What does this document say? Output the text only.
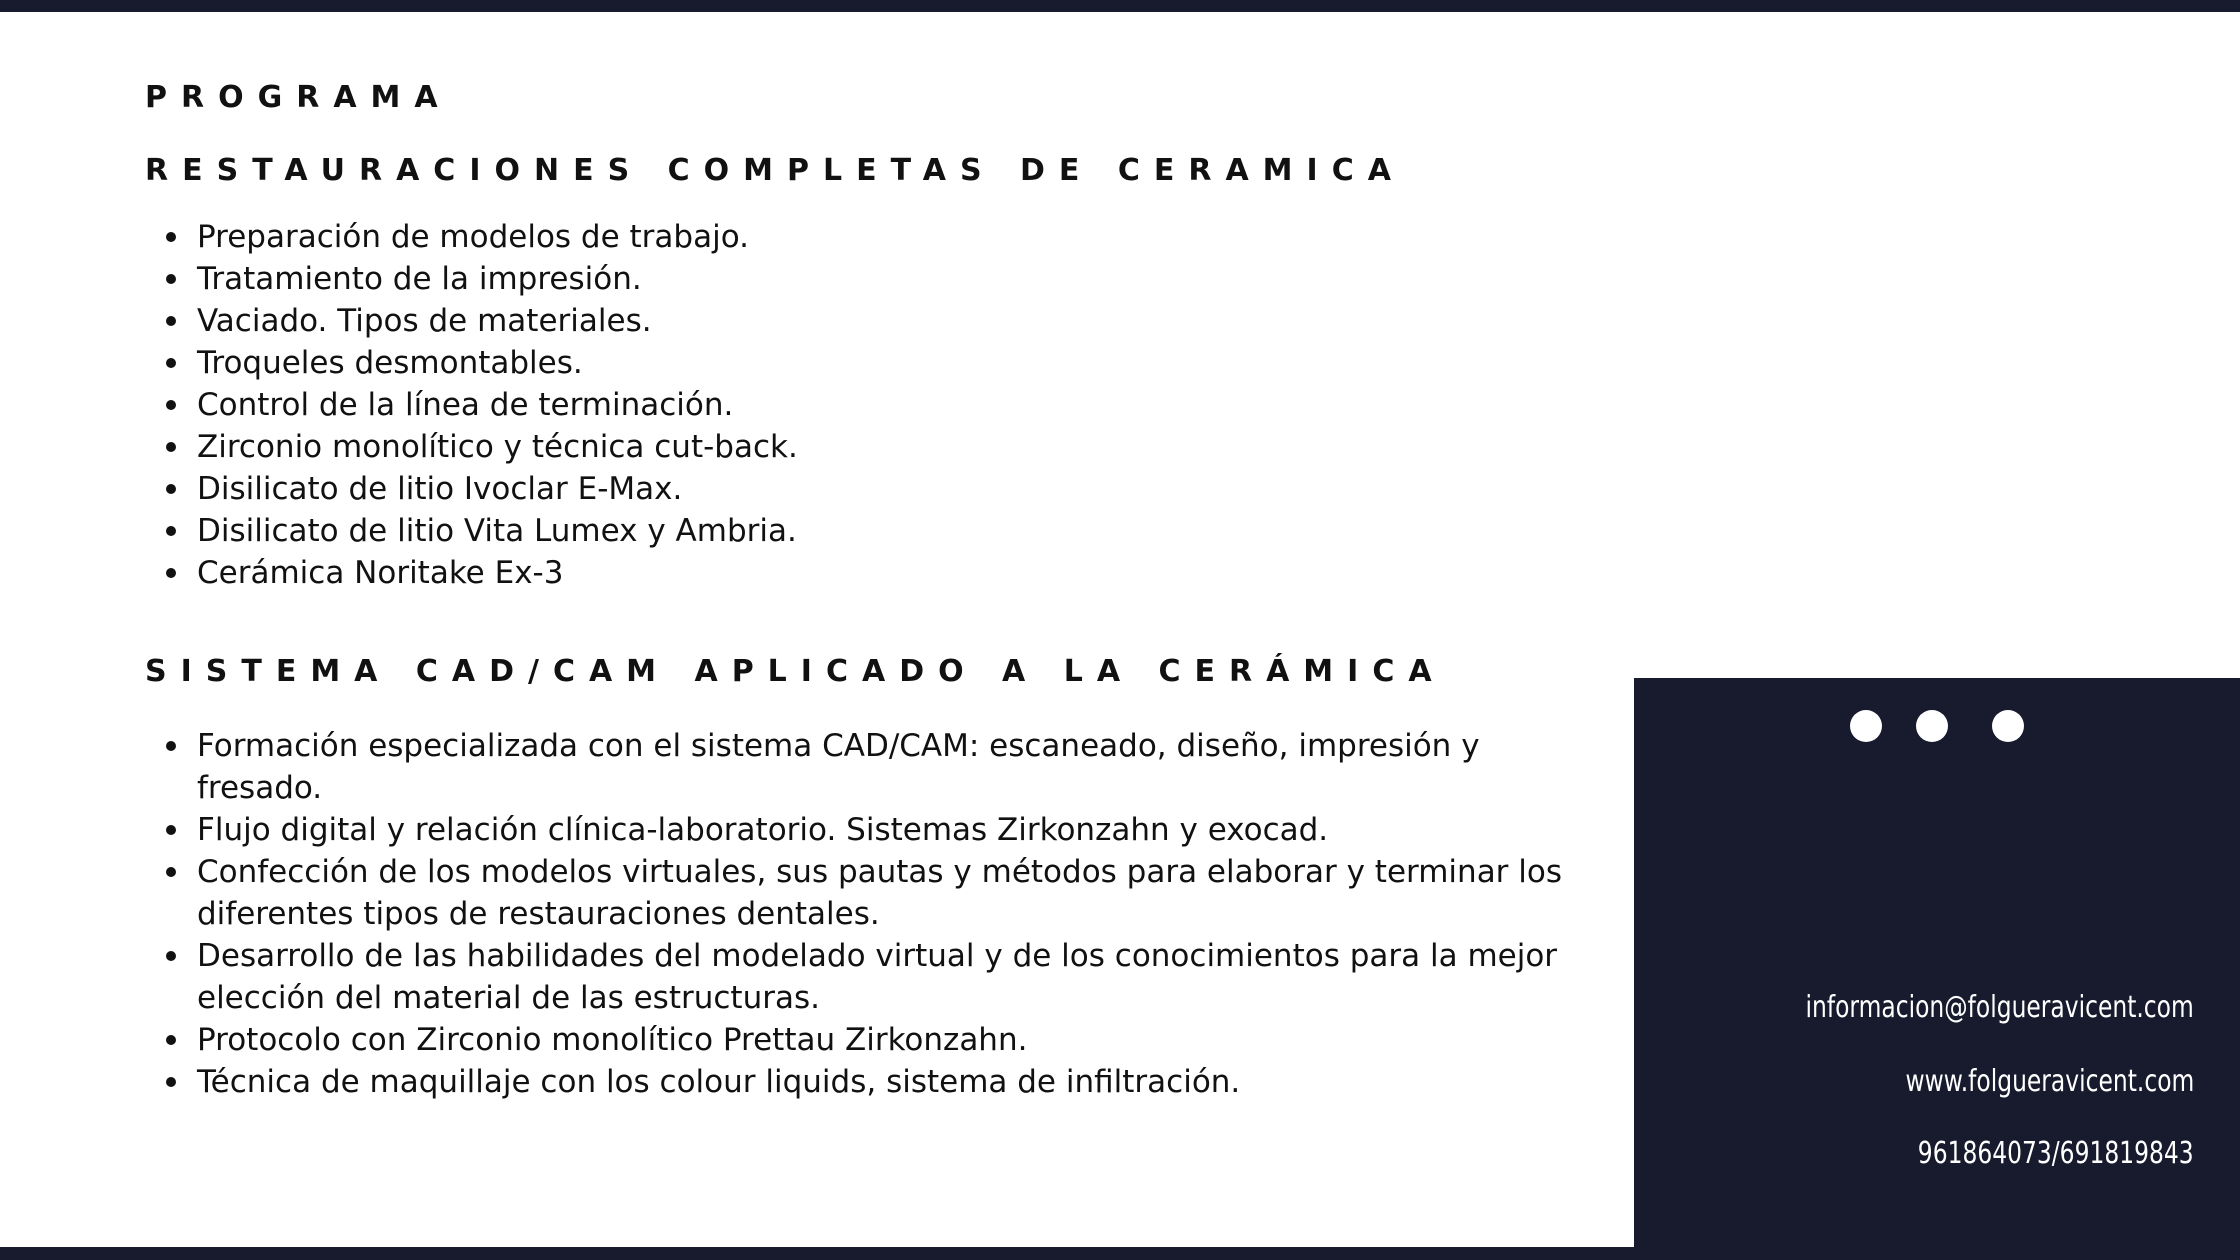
PROGRAMA
RESTAURACIONES COMPLETAS DE CERAMICA
Preparación de modelos de trabajo.
Tratamiento de la impresión.
Vaciado. Tipos de materiales.
Troqueles desmontables.
Control de la línea de terminación.
Zirconio monolítico y técnica cut-back.
Disilicato de litio Ivoclar E-Max.
Disilicato de litio Vita Lumex y Ambria.
Cerámica Noritake Ex-3
SISTEMA CAD/CAM APLICADO A LA CERÁMICA
Formación especializada con el sistema CAD/CAM: escaneado, diseño, impresión y fresado.
Flujo digital y relación clínica-laboratorio. Sistemas Zirkonzahn y exocad.
Confección de los modelos virtuales, sus pautas y métodos para elaborar y terminar los diferentes tipos de restauraciones dentales.
Desarrollo de las habilidades del modelado virtual y de los conocimientos para la mejor elección del material de las estructuras.
Protocolo con Zirconio monolítico Prettau Zirkonzahn.
Técnica de maquillaje con los colour liquids, sistema de infiltración.
informacion@folgueravicent.com
www.folgueravicent.com
961864073/691819843
